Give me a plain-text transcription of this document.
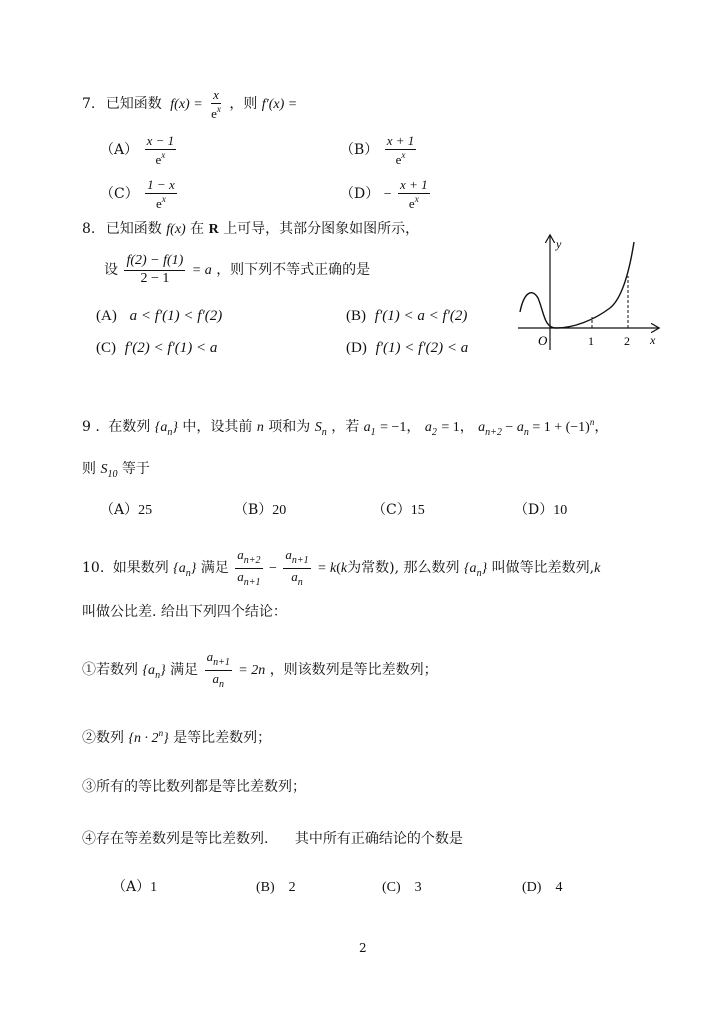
7. 已知函数 $f(x) = \frac{x}{e^x}$ ，则 f′(x) =
$(A) \frac{x - 1}{e^x}$	$(B) \frac{x + 1}{e^x}$
$(C) \frac{1 - x}{e^x}$	$(D) - \frac{x + 1}{e^x}$
8. 已知函数 f(x) 在 R 上可导，其部分图象如图所示，
设 $\frac{f(2) - f(1)}{2 - 1} = a$ ，则下列不等式正确的是
(A) a < f′(1) < f′(2)	(B) f′(1) < a < f′(2)
(C) f′(2) < f′(1) < a	(D) f′(1) < f′(2) < a
y
x
O	1	2
9 . 在数列 $\{a_n\}$ 中，设其前 n 项和为 $S_n$ ，若 $a_1 = -1$， $a_2 = 1$， $a_{n+2} - a_n = 1 + (-1)^n$，
则 $S_{10}$ 等于
（A）25	（B）20	（C）15	（D）10
10. 如果数列 $\{a_n\}$ 满足 $\frac{a_{n+2}}{a_{n+1}} - \frac{a_{n+1}}{a_n} = k(k$为常数), 那么数列 $\{a_n\}$ 叫做等比差数列,k
叫做公比差. 给出下列四个结论：
①若数列 $\{a_n\}$ 满足 $\frac{a_{n+1}}{a_n} = 2n$ ，则该数列是等比差数列；
②数列 $\{n \cdot 2^n\}$ 是等比差数列；
③所有的等比数列都是等比差数列；
④存在等差数列是等比差数列. 其中所有正确结论的个数是
（A）1	(B) 2	(C) 3	(D) 4
2
